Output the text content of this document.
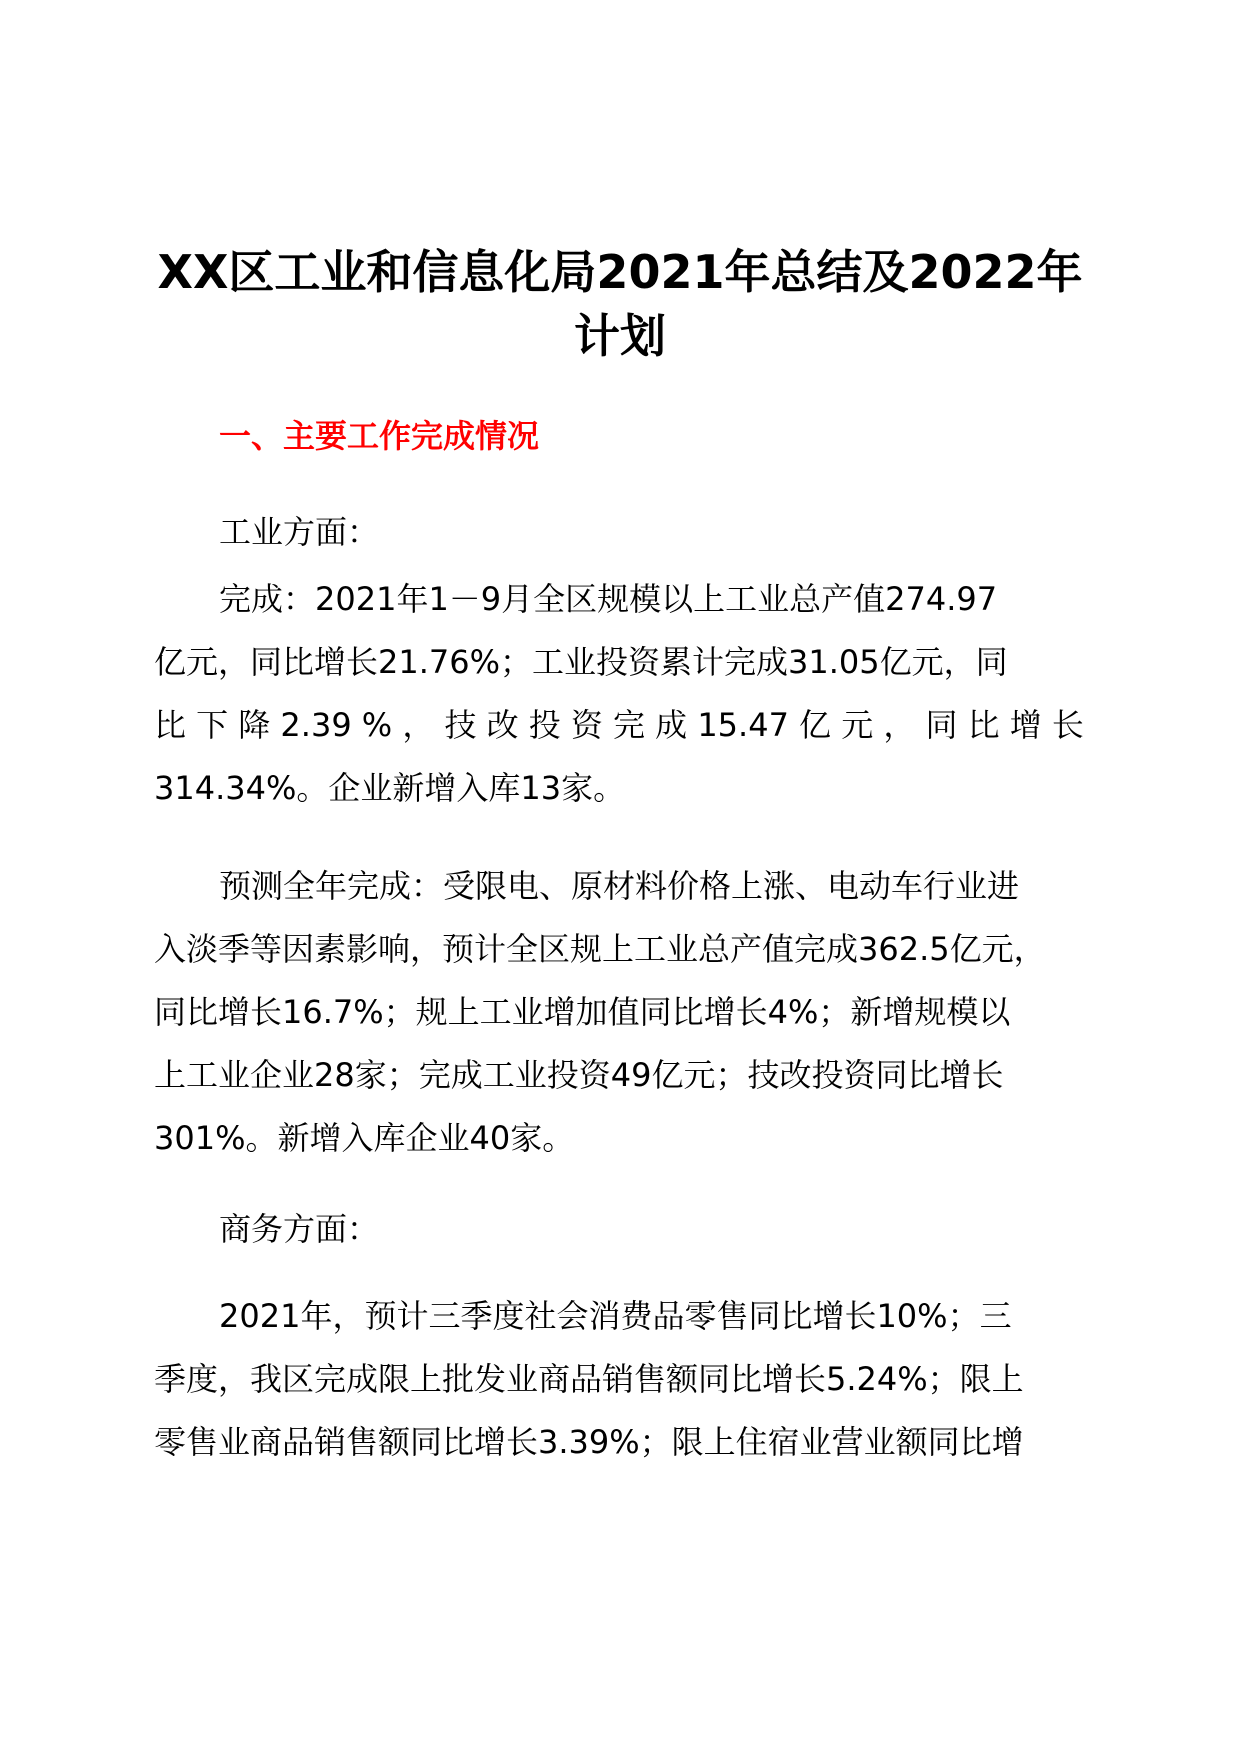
XX区工业和信息化局2021年总结及2022年计划
一、主要工作完成情况

工业方面：

完成：2021年1－9月全区规模以上工业总产值274.97

亿元，同比增长21.76%；工业投资累计完成31.05亿元，同

比 下 降 2.39 % ， 技 改 投 资 完 成 15.47 亿 元 ， 同 比 增 长

314.34%。企业新增入库13家。

预测全年完成：受限电、原材料价格上涨、电动车行业进

入淡季等因素影响，预计全区规上工业总产值完成362.5亿元，

同比增长16.7%；规上工业增加值同比增长4%；新增规模以

上工业企业28家；完成工业投资49亿元；技改投资同比增长

301%。新增入库企业40家。

商务方面：

2021年，预计三季度社会消费品零售同比增长10%；三

季度，我区完成限上批发业商品销售额同比增长5.24%；限上

零售业商品销售额同比增长3.39%；限上住宿业营业额同比增
